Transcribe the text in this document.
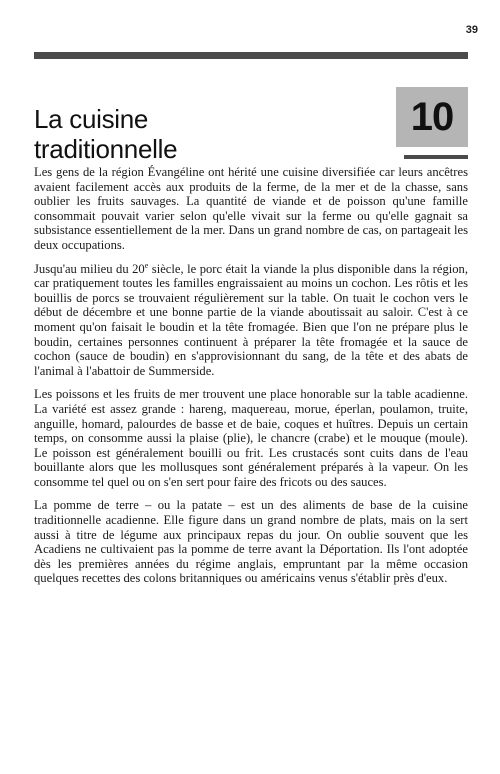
39
La cuisine
traditionnelle
10

Les gens de la région Évangéline ont hérité une cuisine diversifiée car leurs ancêtres avaient facilement accès aux produits de la ferme, de la mer et de la chasse, sans oublier les fruits sauvages. La quantité de viande et de poisson qu'une famille consommait pouvait varier selon qu'elle vivait sur la ferme ou qu'elle gagnait sa subsistance essentiellement de la mer. Dans un grand nombre de cas, on partageait les deux occupations.

Jusqu'au milieu du 20e siècle, le porc était la viande la plus disponible dans la région, car pratiquement toutes les familles engraissaient au moins un cochon. Les rôtis et les bouillis de porcs se trouvaient régulièrement sur la table. On tuait le cochon vers le début de décembre et une bonne partie de la viande aboutissait au saloir. C'est à ce moment qu'on faisait le boudin et la tête fromagée. Bien que l'on ne prépare plus le boudin, certaines personnes continuent à préparer la tête fromagée et la sauce de cochon (sauce de boudin) en s'approvisionnant du sang, de la tête et des abats de l'animal à l'abattoir de Summerside.

Les poissons et les fruits de mer trouvent une place honorable sur la table acadienne. La variété est assez grande : hareng, maquereau, morue, éperlan, poulamon, truite, anguille, homard, palourdes de basse et de baie, coques et huîtres. Depuis un certain temps, on consomme aussi la plaise (plie), le chancre (crabe) et le mouque (moule). Le poisson est généralement bouilli ou frit. Les crustacés sont cuits dans de l'eau bouillante alors que les mollusques sont généralement préparés à la vapeur. On les consomme tel quel ou on s'en sert pour faire des fricots ou des sauces.

La pomme de terre – ou la patate – est un des aliments de base de la cuisine traditionnelle acadienne. Elle figure dans un grand nombre de plats, mais on la sert aussi à titre de légume aux principaux repas du jour. On oublie souvent que les Acadiens ne cultivaient pas la pomme de terre avant la Déportation. Ils l'ont adoptée dès les premières années du régime anglais, empruntant par la même occasion quelques recettes des colons britanniques ou américains venus s'établir près d'eux.
